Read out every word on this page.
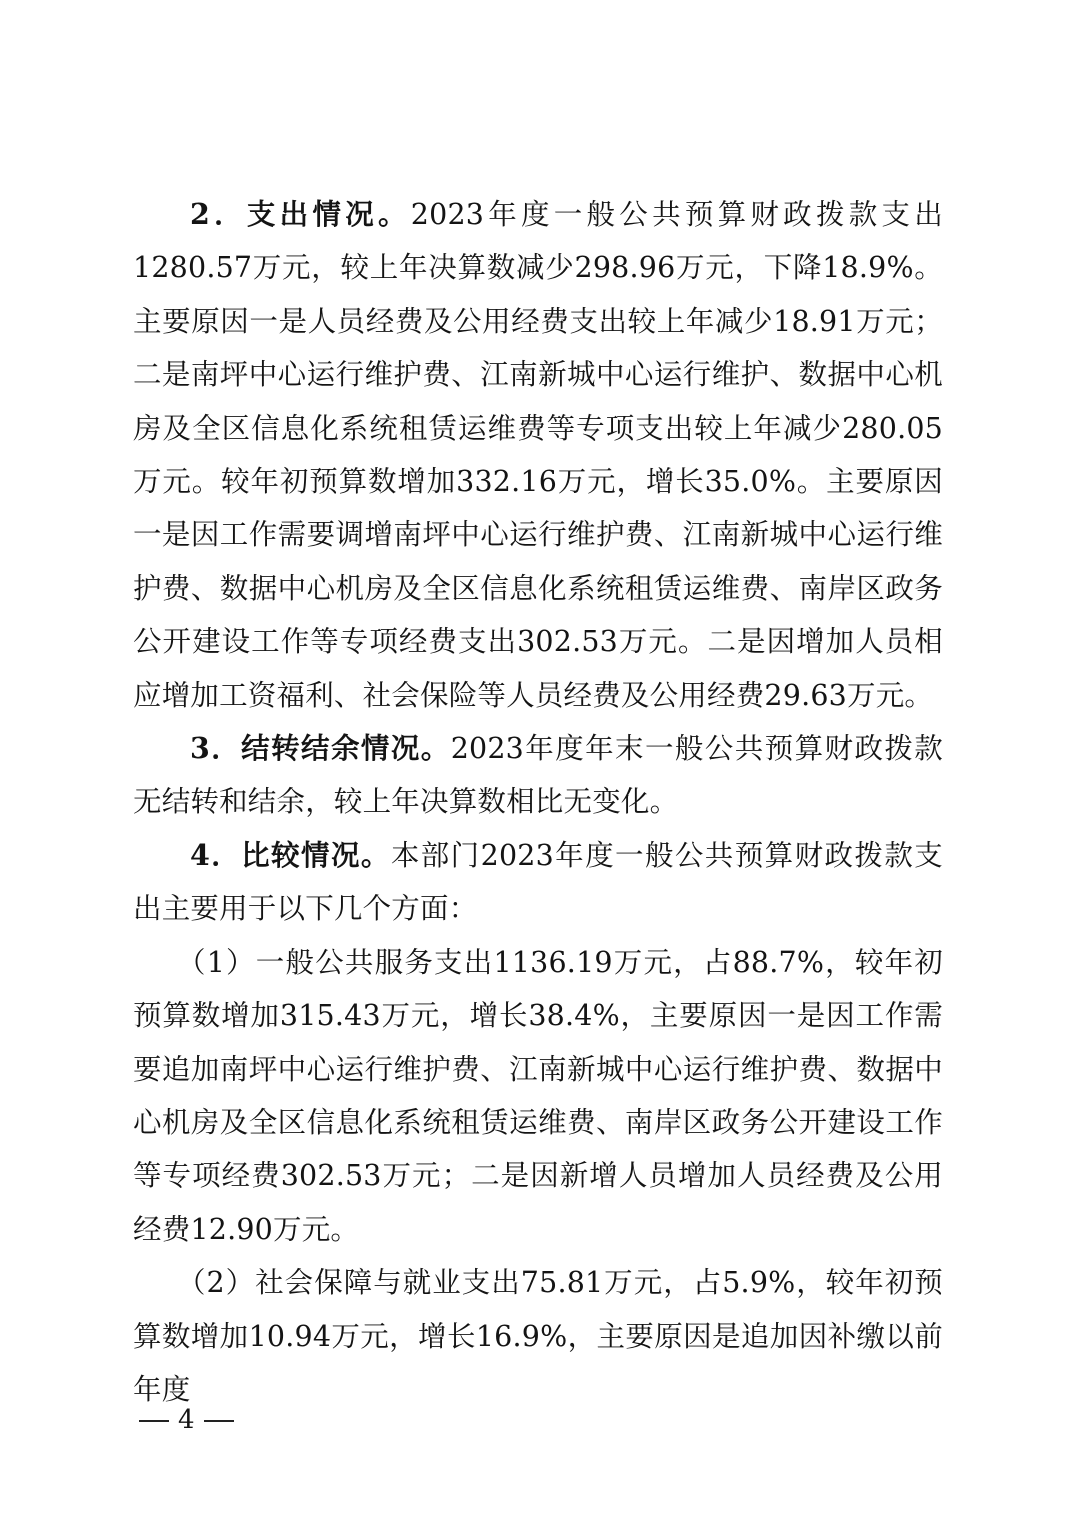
2．支出情况。2023年度一般公共预算财政拨款支出1280.57万元，较上年决算数减少298.96万元，下降18.9%。主要原因一是人员经费及公用经费支出较上年减少18.91万元；二是南坪中心运行维护费、江南新城中心运行维护、数据中心机房及全区信息化系统租赁运维费等专项支出较上年减少280.05万元。较年初预算数增加332.16万元，增长35.0%。主要原因一是因工作需要调增南坪中心运行维护费、江南新城中心运行维护费、数据中心机房及全区信息化系统租赁运维费、南岸区政务公开建设工作等专项经费支出302.53万元。二是因增加人员相应增加工资福利、社会保险等人员经费及公用经费29.63万元。

3．结转结余情况。2023年度年末一般公共预算财政拨款无结转和结余，较上年决算数相比无变化。

4．比较情况。本部门2023年度一般公共预算财政拨款支出主要用于以下几个方面：

（1）一般公共服务支出1136.19万元，占88.7%，较年初预算数增加315.43万元，增长38.4%，主要原因一是因工作需要追加南坪中心运行维护费、江南新城中心运行维护费、数据中心机房及全区信息化系统租赁运维费、南岸区政务公开建设工作等专项经费302.53万元；二是因新增人员增加人员经费及公用经费12.90万元。

（2）社会保障与就业支出75.81万元，占5.9%，较年初预算数增加10.94万元，增长16.9%，主要原因是追加因补缴以前年度

4
